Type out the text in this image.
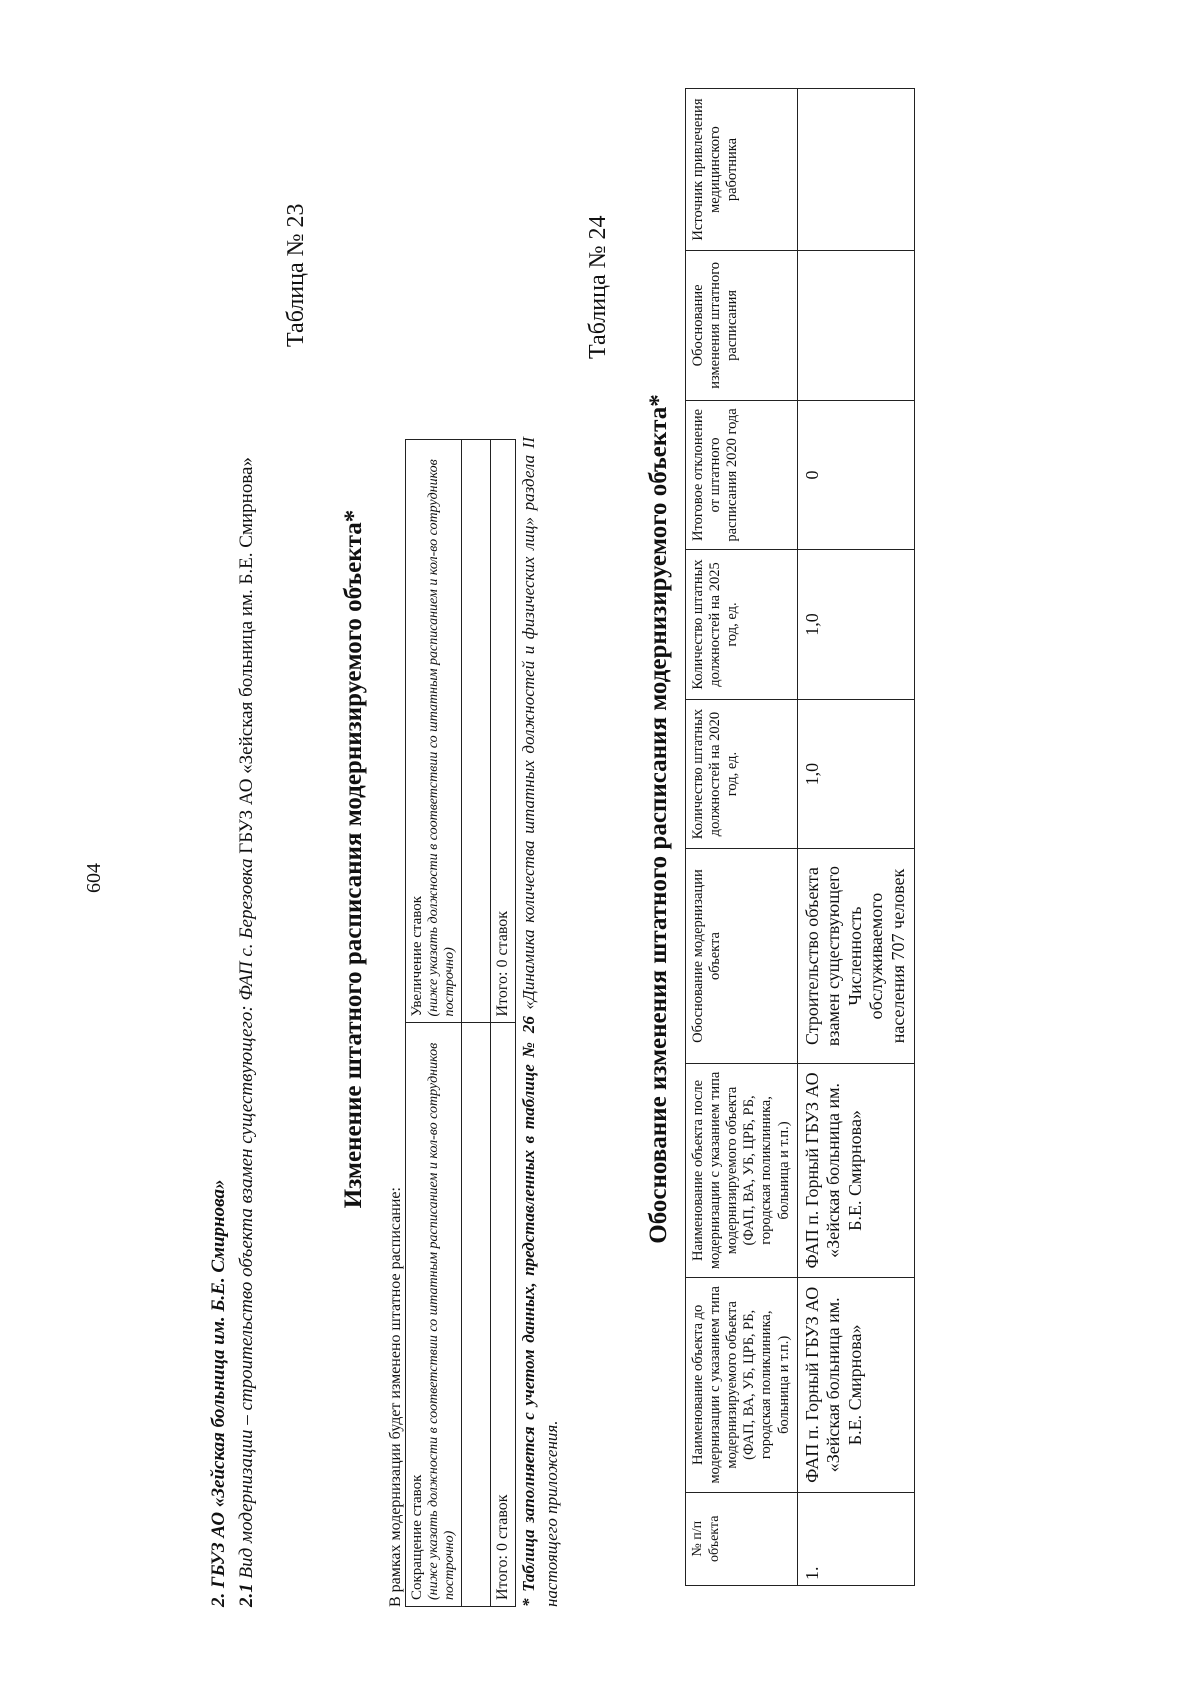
604
2. ГБУЗ АО «Зейская больница им. Б.Е. Смирнова» 2.1 Вид модернизации – строительство объекта взамен существующего: ФАП с. Березовка ГБУЗ АО «Зейская больница им. Б.Е. Смирнова»
Таблица № 23
Изменение штатного расписания модернизируемого объекта*
В рамках модернизации будет изменено штатное расписание: Сокращение ставок (ниже указать должности в соответствии со штатным расписанием и кол-во сотрудников построчно)	Увеличение ставок (ниже указать должности в соответствии со штатным расписанием и кол-во сотрудников построчно)

Итого: 0 ставок	Итого: 0 ставок
* Таблица заполняется с учетом данных, представленных в таблице № 26 «Динамика количества штатных должностей и физических лиц» раздела II настоящего приложения.
Таблица № 24
Обоснование изменения штатного расписания модернизируемого объекта*
№ п/п объекта	Наименование объекта до модернизации с указанием типа модернизируемого объекта (ФАП, ВА, УБ, ЦРБ, РБ, городская поликлиника, больница и т.п.)	Наименование объекта после модернизации с указанием типа модернизируемого объекта (ФАП, ВА, УБ, ЦРБ, РБ, городская поликлиника, больница и т.п.)	Обоснование модернизации объекта	Количество штатных должностей на 2020 год, ед.	Количество штатных должностей на 2025 год, ед.	Итоговое отклонение от штатного расписания 2020 года	Обоснование изменения штатного расписания	Источник привлечения медицинского работника
1.	ФАП п. Горный ГБУЗ АО «Зейская больница им. Б.Е. Смирнова»	ФАП п. Горный ГБУЗ АО «Зейская больница им. Б.Е. Смирнова»	Строительство объекта взамен существующего Численность обслуживаемого населения 707 человек	1,0	1,0	0		
